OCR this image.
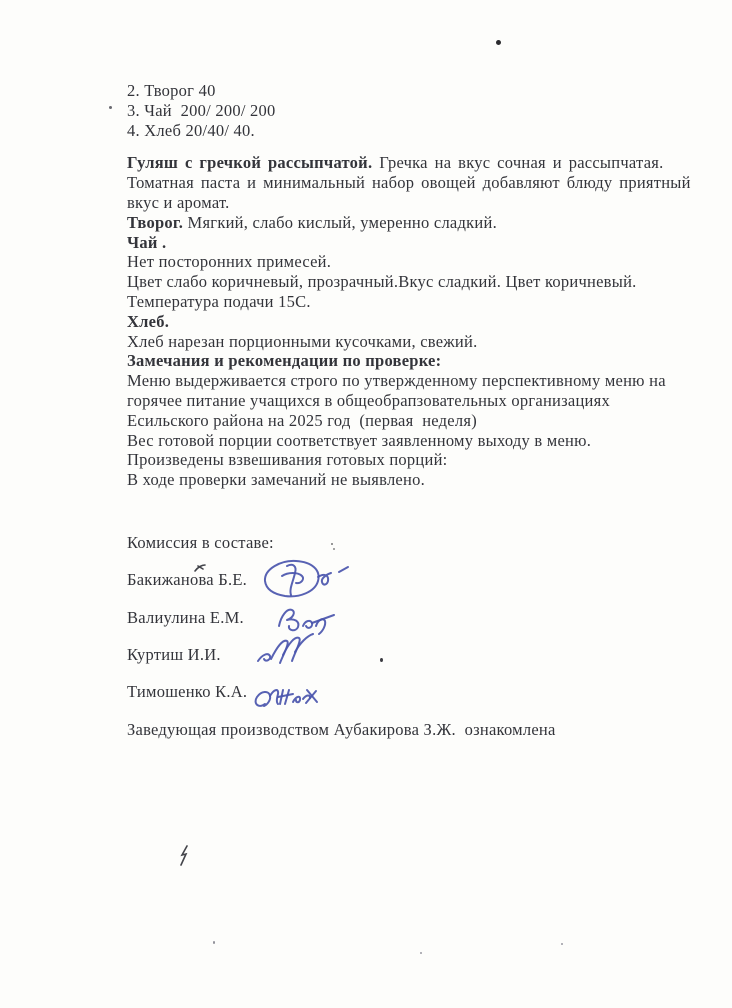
2. Творог 40
3. Чай  200/ 200/ 200
4. Хлеб 20/40/ 40.
Гуляш с гречкой рассыпчатой. Гречка на вкус сочная и рассыпчатая.
Томатная паста и минимальный набор овощей добавляют блюду приятный
вкус и аромат.
Творог. Мягкий, слабо кислый, умеренно сладкий.
Чай .
Нет посторонних примесей.
Цвет слабо коричневый, прозрачный.Вкус сладкий. Цвет коричневый.
Температура подачи 15С.
Хлеб.
Хлеб нарезан порционными кусочками, свежий.
Замечания и рекомендации по проверке:
Меню выдерживается строго по утвержденному перспективному меню на
горячее питание учащихся в общеобрапзовательных организациях
Есильского района на 2025 год  (первая  неделя)
Вес готовой порции соответствует заявленному выходу в меню.
Произведены взвешивания готовых порций:
В ходе проверки замечаний не выявлено.
Комиссия в составе:
Бакижанова Б.Е.
Валиулина Е.М.
Куртиш И.И.
Тимошенко К.А.
Заведующая производством Аубакирова З.Ж.  ознакомлена
